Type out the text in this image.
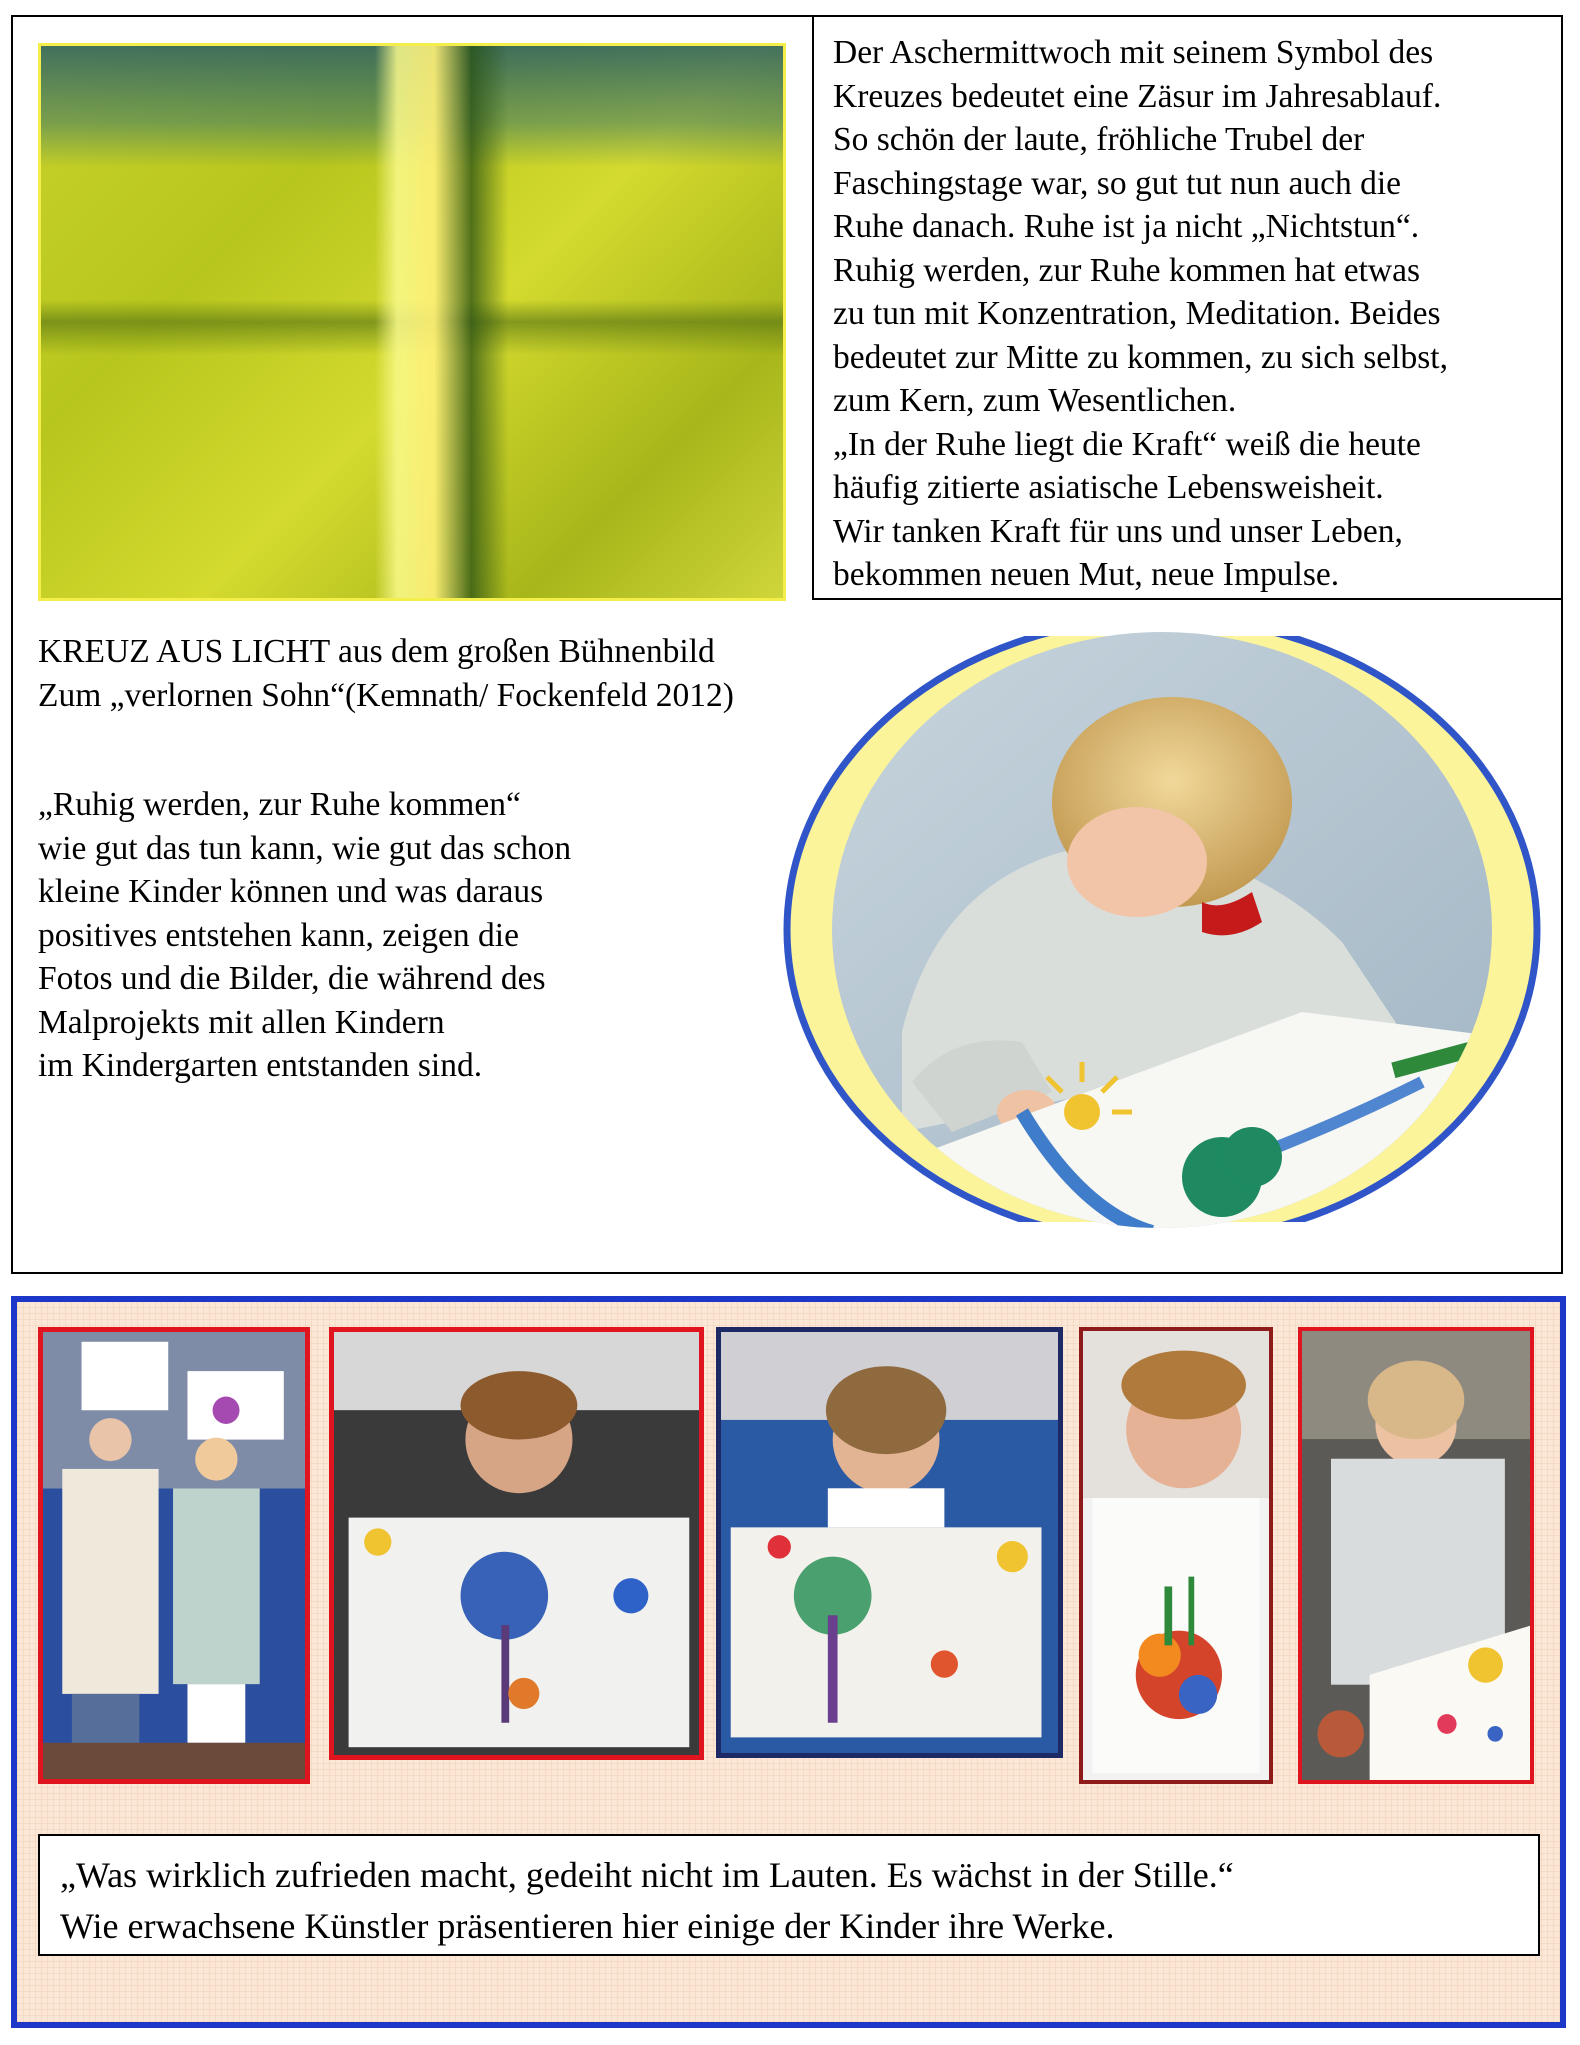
Der Aschermittwoch mit seinem Symbol des
Kreuzes bedeutet eine Zäsur im Jahresablauf.
So schön der laute, fröhliche Trubel der
Faschingstage war, so gut tut nun auch die
Ruhe danach. Ruhe ist ja nicht „Nichtstun“.
Ruhig werden, zur Ruhe kommen hat etwas
zu tun mit Konzentration, Meditation. Beides
bedeutet zur Mitte zu kommen, zu sich selbst,
zum Kern, zum Wesentlichen.
„In der Ruhe liegt die Kraft“ weiß die heute
häufig zitierte asiatische Lebensweisheit.
Wir tanken Kraft für uns und unser Leben,
bekommen neuen Mut, neue Impulse.
KREUZ AUS LICHT aus dem großen Bühnenbild
Zum „verlornen Sohn“(Kemnath/ Fockenfeld 2012)
„Ruhig werden, zur Ruhe kommen“
wie gut das tun kann, wie gut das schon
kleine Kinder können und was daraus
positives entstehen kann, zeigen die
Fotos und die Bilder, die während des
Malprojekts mit allen Kindern
im Kindergarten entstanden sind.
„Was wirklich zufrieden macht, gedeiht nicht im Lauten. Es wächst in der Stille.“
Wie erwachsene Künstler präsentieren hier einige der Kinder ihre Werke.
